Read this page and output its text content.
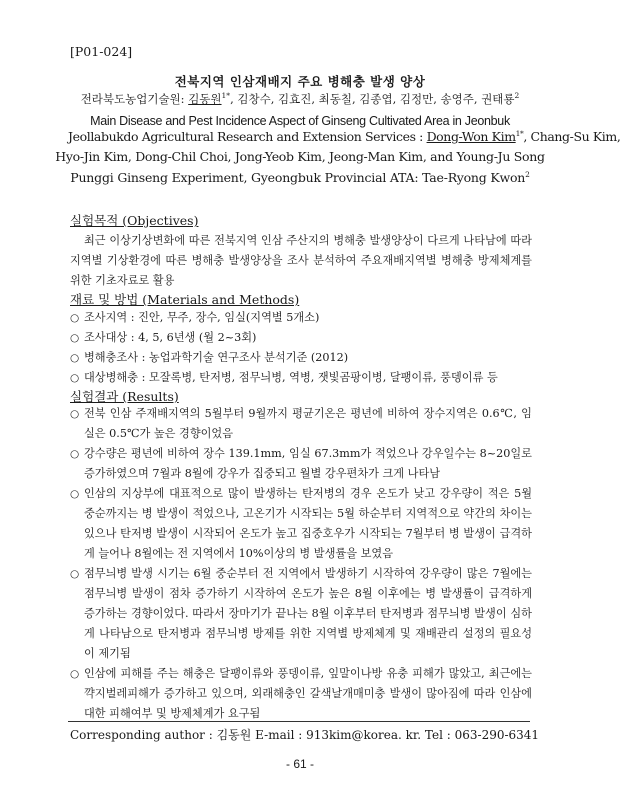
[P01-024]
전북지역 인삼재배지 주요 병해충 발생 양상
전라북도농업기술원: 김동원$^{1*}$, 김창수, 김효진, 최동칠, 김종엽, 김정만, 송영주, 권태룡$^2$
Main Disease and Pest Incidence Aspect of Ginseng Cultivated Area in Jeonbuk
Jeollabukdo Agricultural Research and Extension Services : Dong-Won Kim$^{1*}$, Chang-Su Kim,
Hyo-Jin Kim, Dong-Chil Choi, Jong-Yeob Kim, Jeong-Man Kim, and Young-Ju Song
Punggi Ginseng Experiment, Gyeongbuk Provincial ATA: Tae-Ryong Kwon$^2$
실험목적 (Objectives)
최근 이상기상변화에 따른 전북지역 인삼 주산지의 병해충 발생양상이 다르게 나타남에 따라 지역별 기상환경에 따른 병해충 발생양상을 조사 분석하여 주요재배지역별 병해충 방제체계를 위한 기초자료로 활용
재료 및 방법 (Materials and Methods)
○ 조사지역 : 진안, 무주, 장수, 임실(지역별 5개소)
○ 조사대상 : 4, 5, 6년생 (월 2~3회)
○ 병해충조사 : 농업과학기술 연구조사 분석기준 (2012)
○ 대상병해충 : 모잘록병, 탄저병, 점무늬병, 역병, 잿빛곰팡이병, 달팽이류, 풍뎅이류 등
실험결과 (Results)
○ 전북 인삼 주재배지역의 5월부터 9월까지 평균기온은 평년에 비하여 장수지역은 0.6℃, 임실은 0.5℃가 높은 경향이었음
○ 강수량은 평년에 비하여 장수 139.1mm, 임실 67.3mm가 적었으나 강우일수는 8~20일로 증가하였으며 7월과 8월에 강우가 집중되고 월별 강우편차가 크게 나타남
○ 인삼의 지상부에 대표적으로 많이 발생하는 탄저병의 경우 온도가 낮고 강우량이 적은 5월 중순까지는 병 발생이 적었으나, 고온기가 시작되는 5월 하순부터 지역적으로 약간의 차이는 있으나 탄저병 발생이 시작되어 온도가 높고 집중호우가 시작되는 7월부터 병 발생이 급격하게 늘어나 8월에는 전 지역에서 10%이상의 병 발생률을 보였음
○ 점무늬병 발생 시기는 6월 중순부터 전 지역에서 발생하기 시작하여 강우량이 많은 7월에는 점무늬병 발생이 점차 증가하기 시작하여 온도가 높은 8월 이후에는 병 발생률이 급격하게 증가하는 경향이었다. 따라서 장마기가 끝나는 8월 이후부터 탄저병과 점무늬병 발생이 심하게 나타남으로 탄저병과 점무늬병 방제를 위한 지역별 방제체계 및 재배관리 설정의 필요성이 제기됨
○ 인삼에 피해를 주는 해충은 달팽이류와 풍뎅이류, 잎말이나방 유충 피해가 많았고, 최근에는 꺅지벌레피해가 증가하고 있으며, 외래해충인 갈색날개매미충 발생이 많아짐에 따라 인삼에 대한 피해여부 및 방제체계가 요구됨
Corresponding author : 김동원 E-mail : 913kim@korea. kr. Tel : 063-290-6341
- 61 -
